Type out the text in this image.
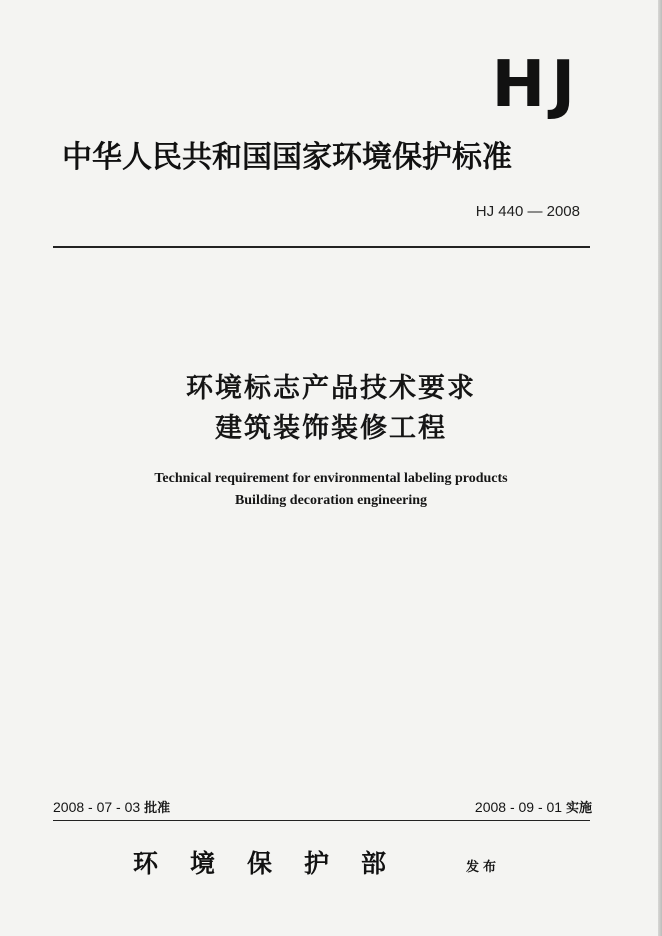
HJ
中华人民共和国国家环境保护标准
HJ 440 — 2008
环境标志产品技术要求
建筑装饰装修工程
Technical requirement for environmental labeling products
Building decoration engineering
2008 - 07 - 03 批准	2008 - 09 - 01 实施
环境保护部	发布
